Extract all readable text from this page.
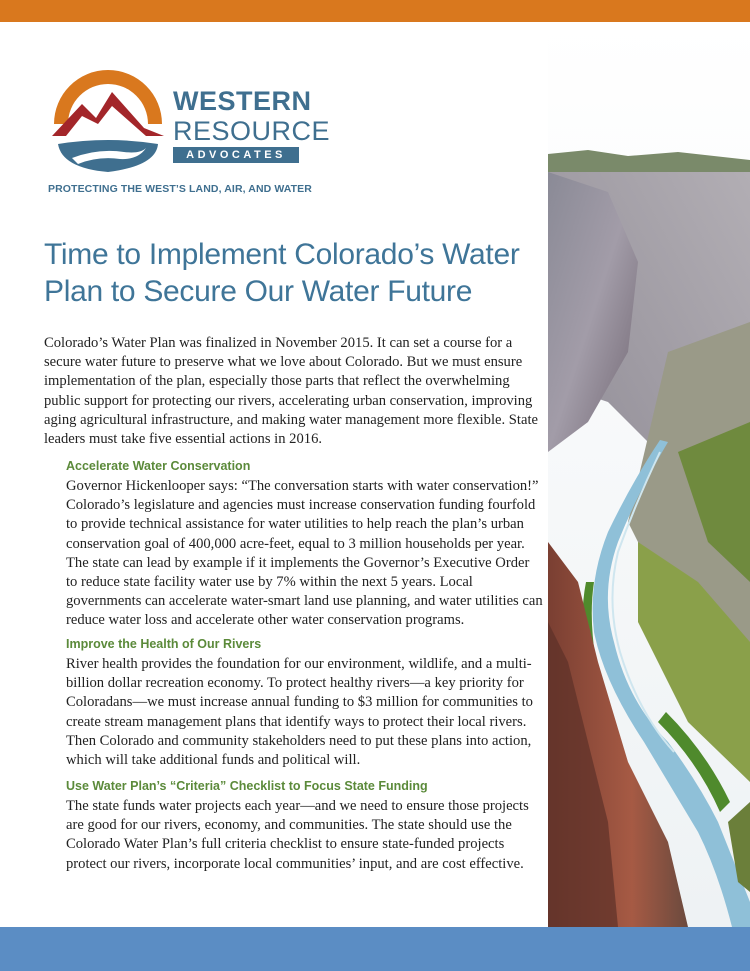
WESTERN
RESOURCE
ADVOCATES
PROTECTING THE WEST’S LAND, AIR, AND WATER
Time to Implement Colorado’s Water Plan to Secure Our Water Future

Colorado’s Water Plan was finalized in November 2015. It can set a course for a secure water future to preserve what we love about Colorado. But we must ensure implementation of the plan, especially those parts that reflect the overwhelming public support for protecting our rivers, accelerating urban conservation, improving aging agricultural infrastructure, and making water management more flexible. State leaders must take five essential actions in 2016.

Accelerate Water Conservation

Governor Hickenlooper says: “The conversation starts with water conservation!” Colorado’s legislature and agencies must increase conservation funding fourfold to provide technical assistance for water utilities to help reach the plan’s urban conservation goal of 400,000 acre-feet, equal to 3 million households per year. The state can lead by example if it implements the Governor’s Executive Order to reduce state facility water use by 7% within the next 5 years. Local governments can accelerate water-smart land use planning, and water utilities can reduce water loss and accelerate other water conservation programs.

Improve the Health of Our Rivers

River health provides the foundation for our environment, wildlife, and a multi-billion dollar recreation economy. To protect healthy rivers—a key priority for Coloradans—we must increase annual funding to $3 million for communities to create stream management plans that identify ways to protect their local rivers. Then Colorado and community stakeholders need to put these plans into action, which will take additional funds and political will.

Use Water Plan’s “Criteria” Checklist to Focus State Funding

The state funds water projects each year—and we need to ensure those projects are good for our rivers, economy, and communities. The state should use the Colorado Water Plan’s full criteria checklist to ensure state-funded projects protect our rivers, incorporate local communities’ input, and are cost effective.
